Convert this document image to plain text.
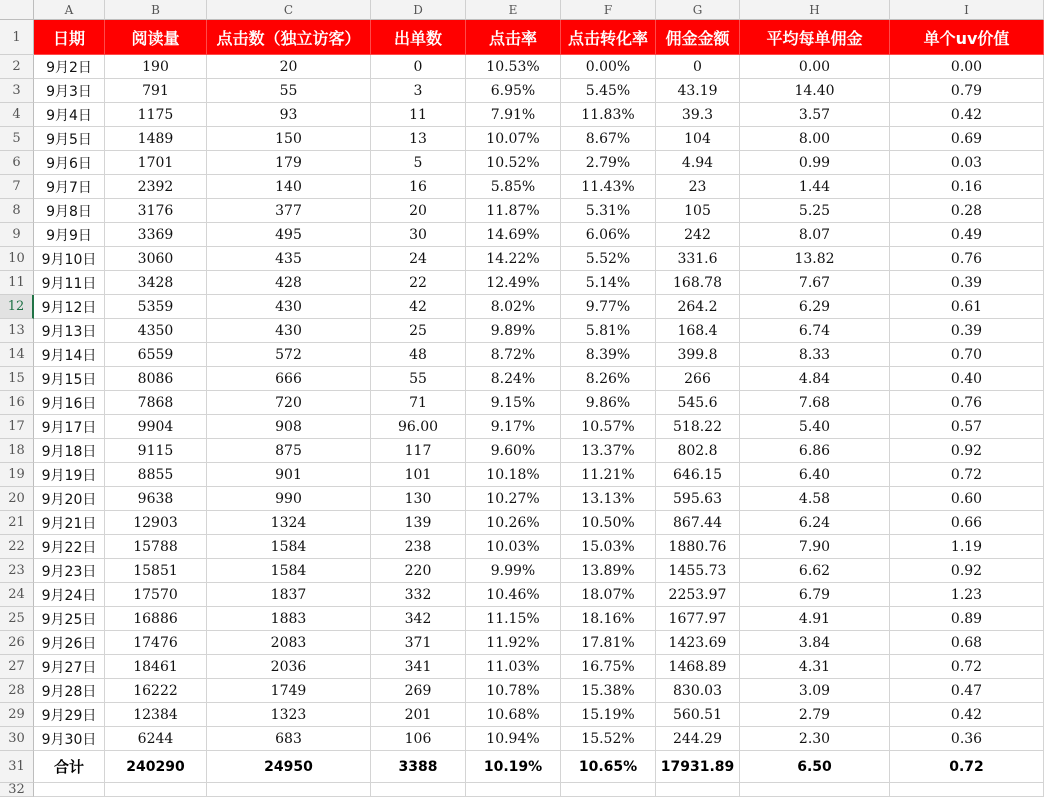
A	B	C	D	E	F	G	H	I
1
2
3
4
5
6
7
8
9
10
11
12
13
14
15
16
17
18
19
20
21
22
23
24
25
26
27
28
29
30
31
32
日期	阅读量	点击数（独立访客）	出单数	点击率	点击转化率	佣金金额	平均每单佣金	单个uv价值
9月2日	190	20	0	10.53%	0.00%	0	0.00	0.00
9月3日	791	55	3	6.95%	5.45%	43.19	14.40	0.79
9月4日	1175	93	11	7.91%	11.83%	39.3	3.57	0.42
9月5日	1489	150	13	10.07%	8.67%	104	8.00	0.69
9月6日	1701	179	5	10.52%	2.79%	4.94	0.99	0.03
9月7日	2392	140	16	5.85%	11.43%	23	1.44	0.16
9月8日	3176	377	20	11.87%	5.31%	105	5.25	0.28
9月9日	3369	495	30	14.69%	6.06%	242	8.07	0.49
9月10日	3060	435	24	14.22%	5.52%	331.6	13.82	0.76
9月11日	3428	428	22	12.49%	5.14%	168.78	7.67	0.39
9月12日	5359	430	42	8.02%	9.77%	264.2	6.29	0.61
9月13日	4350	430	25	9.89%	5.81%	168.4	6.74	0.39
9月14日	6559	572	48	8.72%	8.39%	399.8	8.33	0.70
9月15日	8086	666	55	8.24%	8.26%	266	4.84	0.40
9月16日	7868	720	71	9.15%	9.86%	545.6	7.68	0.76
9月17日	9904	908	96.00	9.17%	10.57%	518.22	5.40	0.57
9月18日	9115	875	117	9.60%	13.37%	802.8	6.86	0.92
9月19日	8855	901	101	10.18%	11.21%	646.15	6.40	0.72
9月20日	9638	990	130	10.27%	13.13%	595.63	4.58	0.60
9月21日	12903	1324	139	10.26%	10.50%	867.44	6.24	0.66
9月22日	15788	1584	238	10.03%	15.03%	1880.76	7.90	1.19
9月23日	15851	1584	220	9.99%	13.89%	1455.73	6.62	0.92
9月24日	17570	1837	332	10.46%	18.07%	2253.97	6.79	1.23
9月25日	16886	1883	342	11.15%	18.16%	1677.97	4.91	0.89
9月26日	17476	2083	371	11.92%	17.81%	1423.69	3.84	0.68
9月27日	18461	2036	341	11.03%	16.75%	1468.89	4.31	0.72
9月28日	16222	1749	269	10.78%	15.38%	830.03	3.09	0.47
9月29日	12384	1323	201	10.68%	15.19%	560.51	2.79	0.42
9月30日	6244	683	106	10.94%	15.52%	244.29	2.30	0.36
合计	240290	24950	3388	10.19%	10.65%	17931.89	6.50	0.72
